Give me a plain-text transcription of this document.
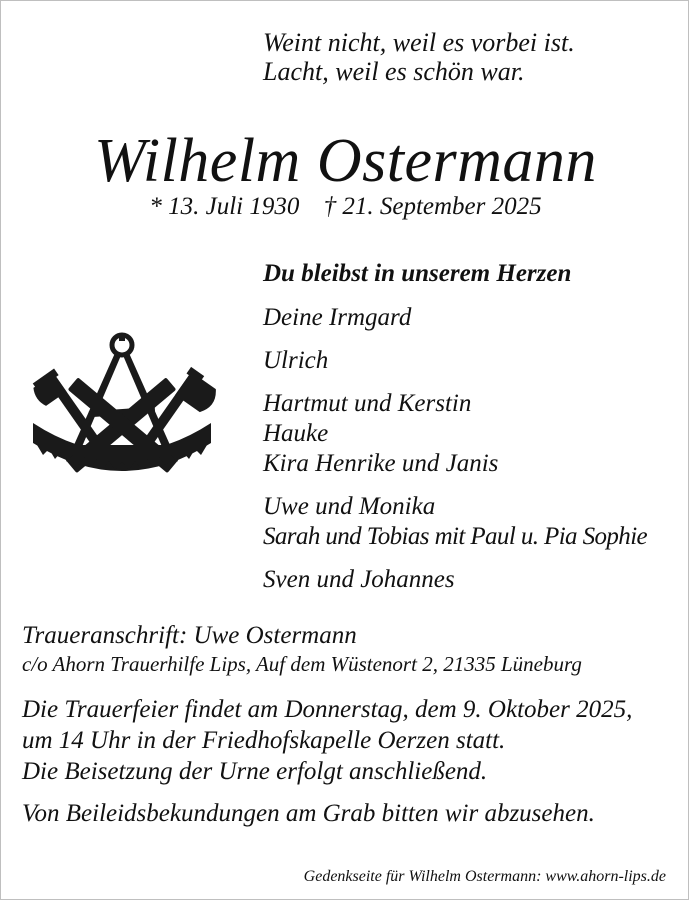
Weint nicht, weil es vorbei ist.
Lacht, weil es schön war.
Wilhelm Ostermann
* 13. Juli 1930 † 21. September 2025
Du bleibst in unserem Herzen
Deine Irmgard
Ulrich
Hartmut und Kerstin
Hauke
Kira Henrike und Janis
Uwe und Monika
Sarah und Tobias mit Paul u. Pia Sophie
Sven und Johannes
Traueranschrift: Uwe Ostermann
c/o Ahorn Trauerhilfe Lips, Auf dem Wüstenort 2, 21335 Lüneburg
Die Trauerfeier findet am Donnerstag, dem 9. Oktober 2025,
um 14 Uhr in der Friedhofskapelle Oerzen statt.
Die Beisetzung der Urne erfolgt anschließend.
Von Beileidsbekundungen am Grab bitten wir abzusehen.
Gedenkseite für Wilhelm Ostermann: www.ahorn-lips.de
